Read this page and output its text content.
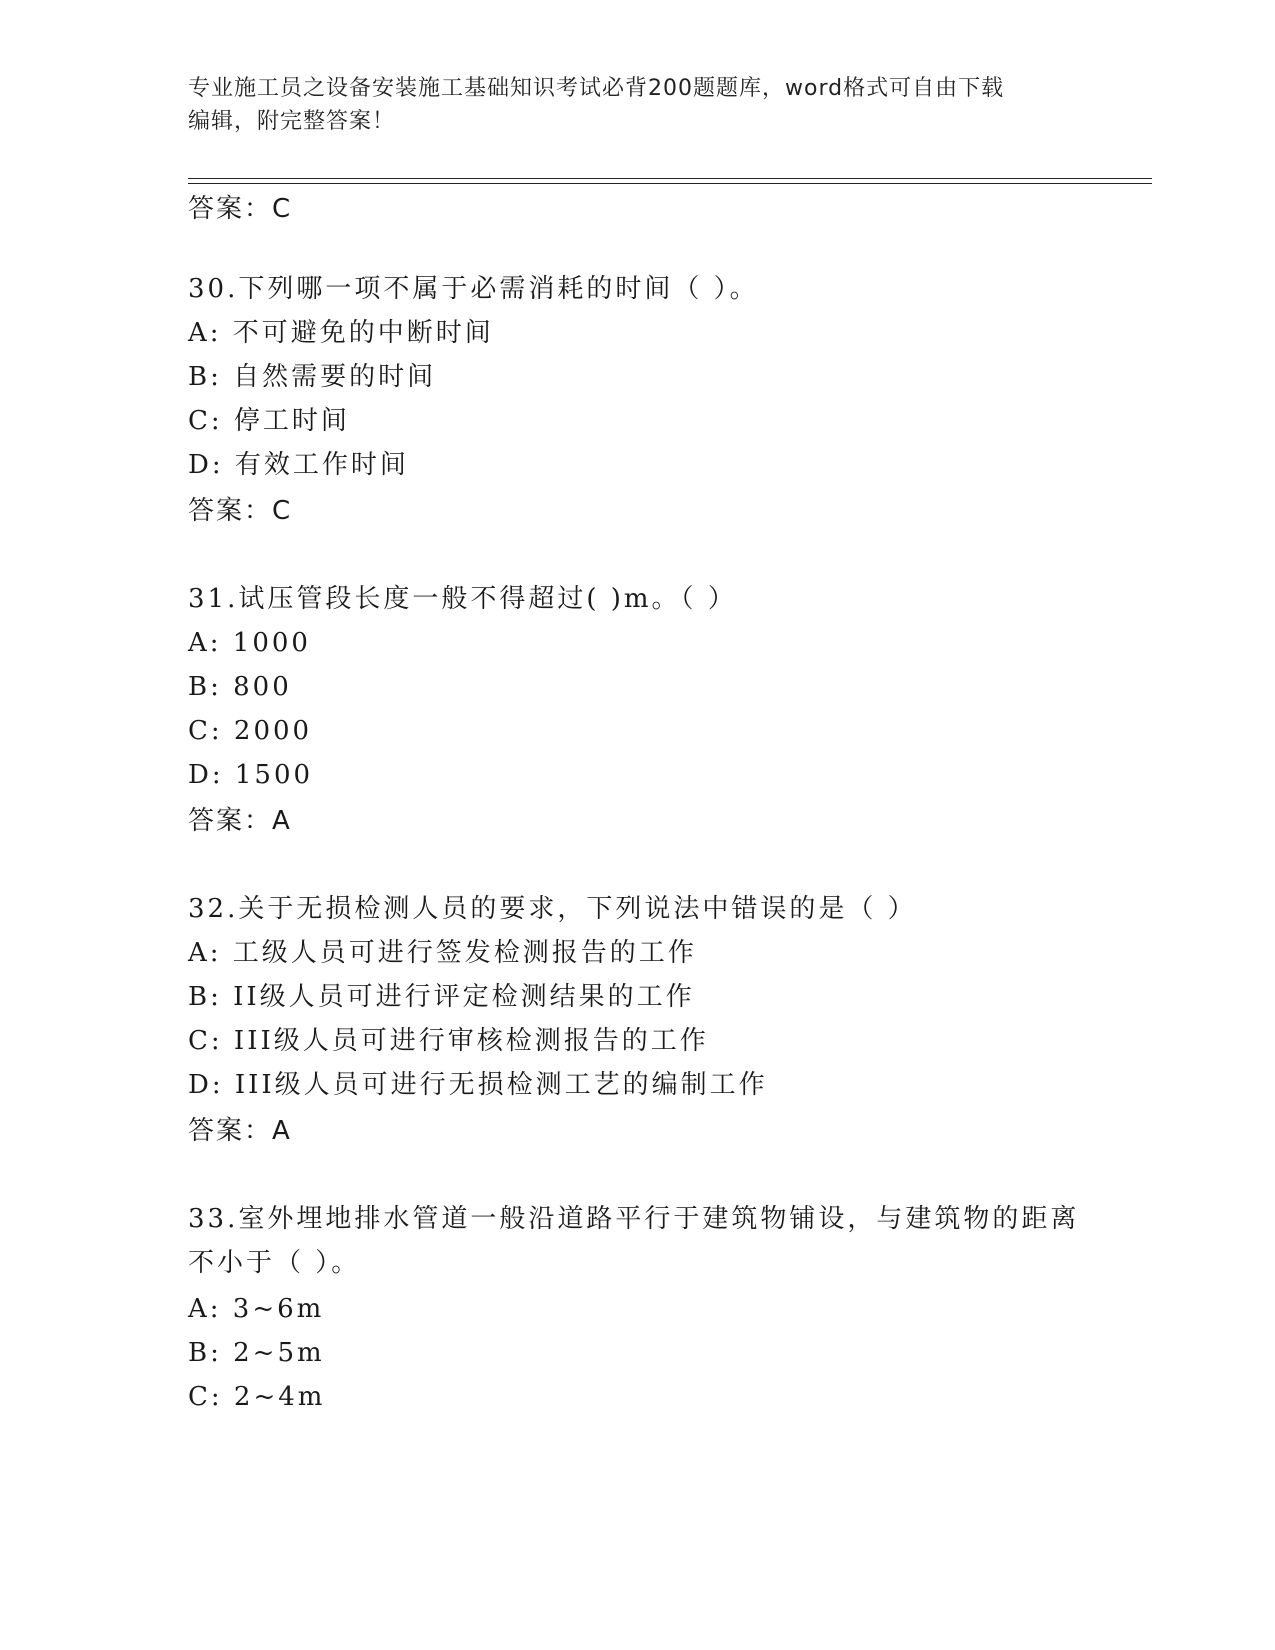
专业施工员之设备安装施工基础知识考试必背200题题库，word格式可自由下载
编辑，附完整答案！
答案：C
30.下列哪一项不属于必需消耗的时间（ ）。
A: 不可避免的中断时间
B: 自然需要的时间
C: 停工时间
D: 有效工作时间
答案：C
31.试压管段长度一般不得超过( )m。（ ）
A: 1000
B: 800
C: 2000
D: 1500
答案：A
32.关于无损检测人员的要求，下列说法中错误的是（ ）
A: 工级人员可进行签发检测报告的工作
B: II级人员可进行评定检测结果的工作
C: III级人员可进行审核检测报告的工作
D: III级人员可进行无损检测工艺的编制工作
答案：A
33.室外埋地排水管道一般沿道路平行于建筑物铺设，与建筑物的距离
不小于（ ）。
A: 3~6m
B: 2~5m
C: 2~4m
